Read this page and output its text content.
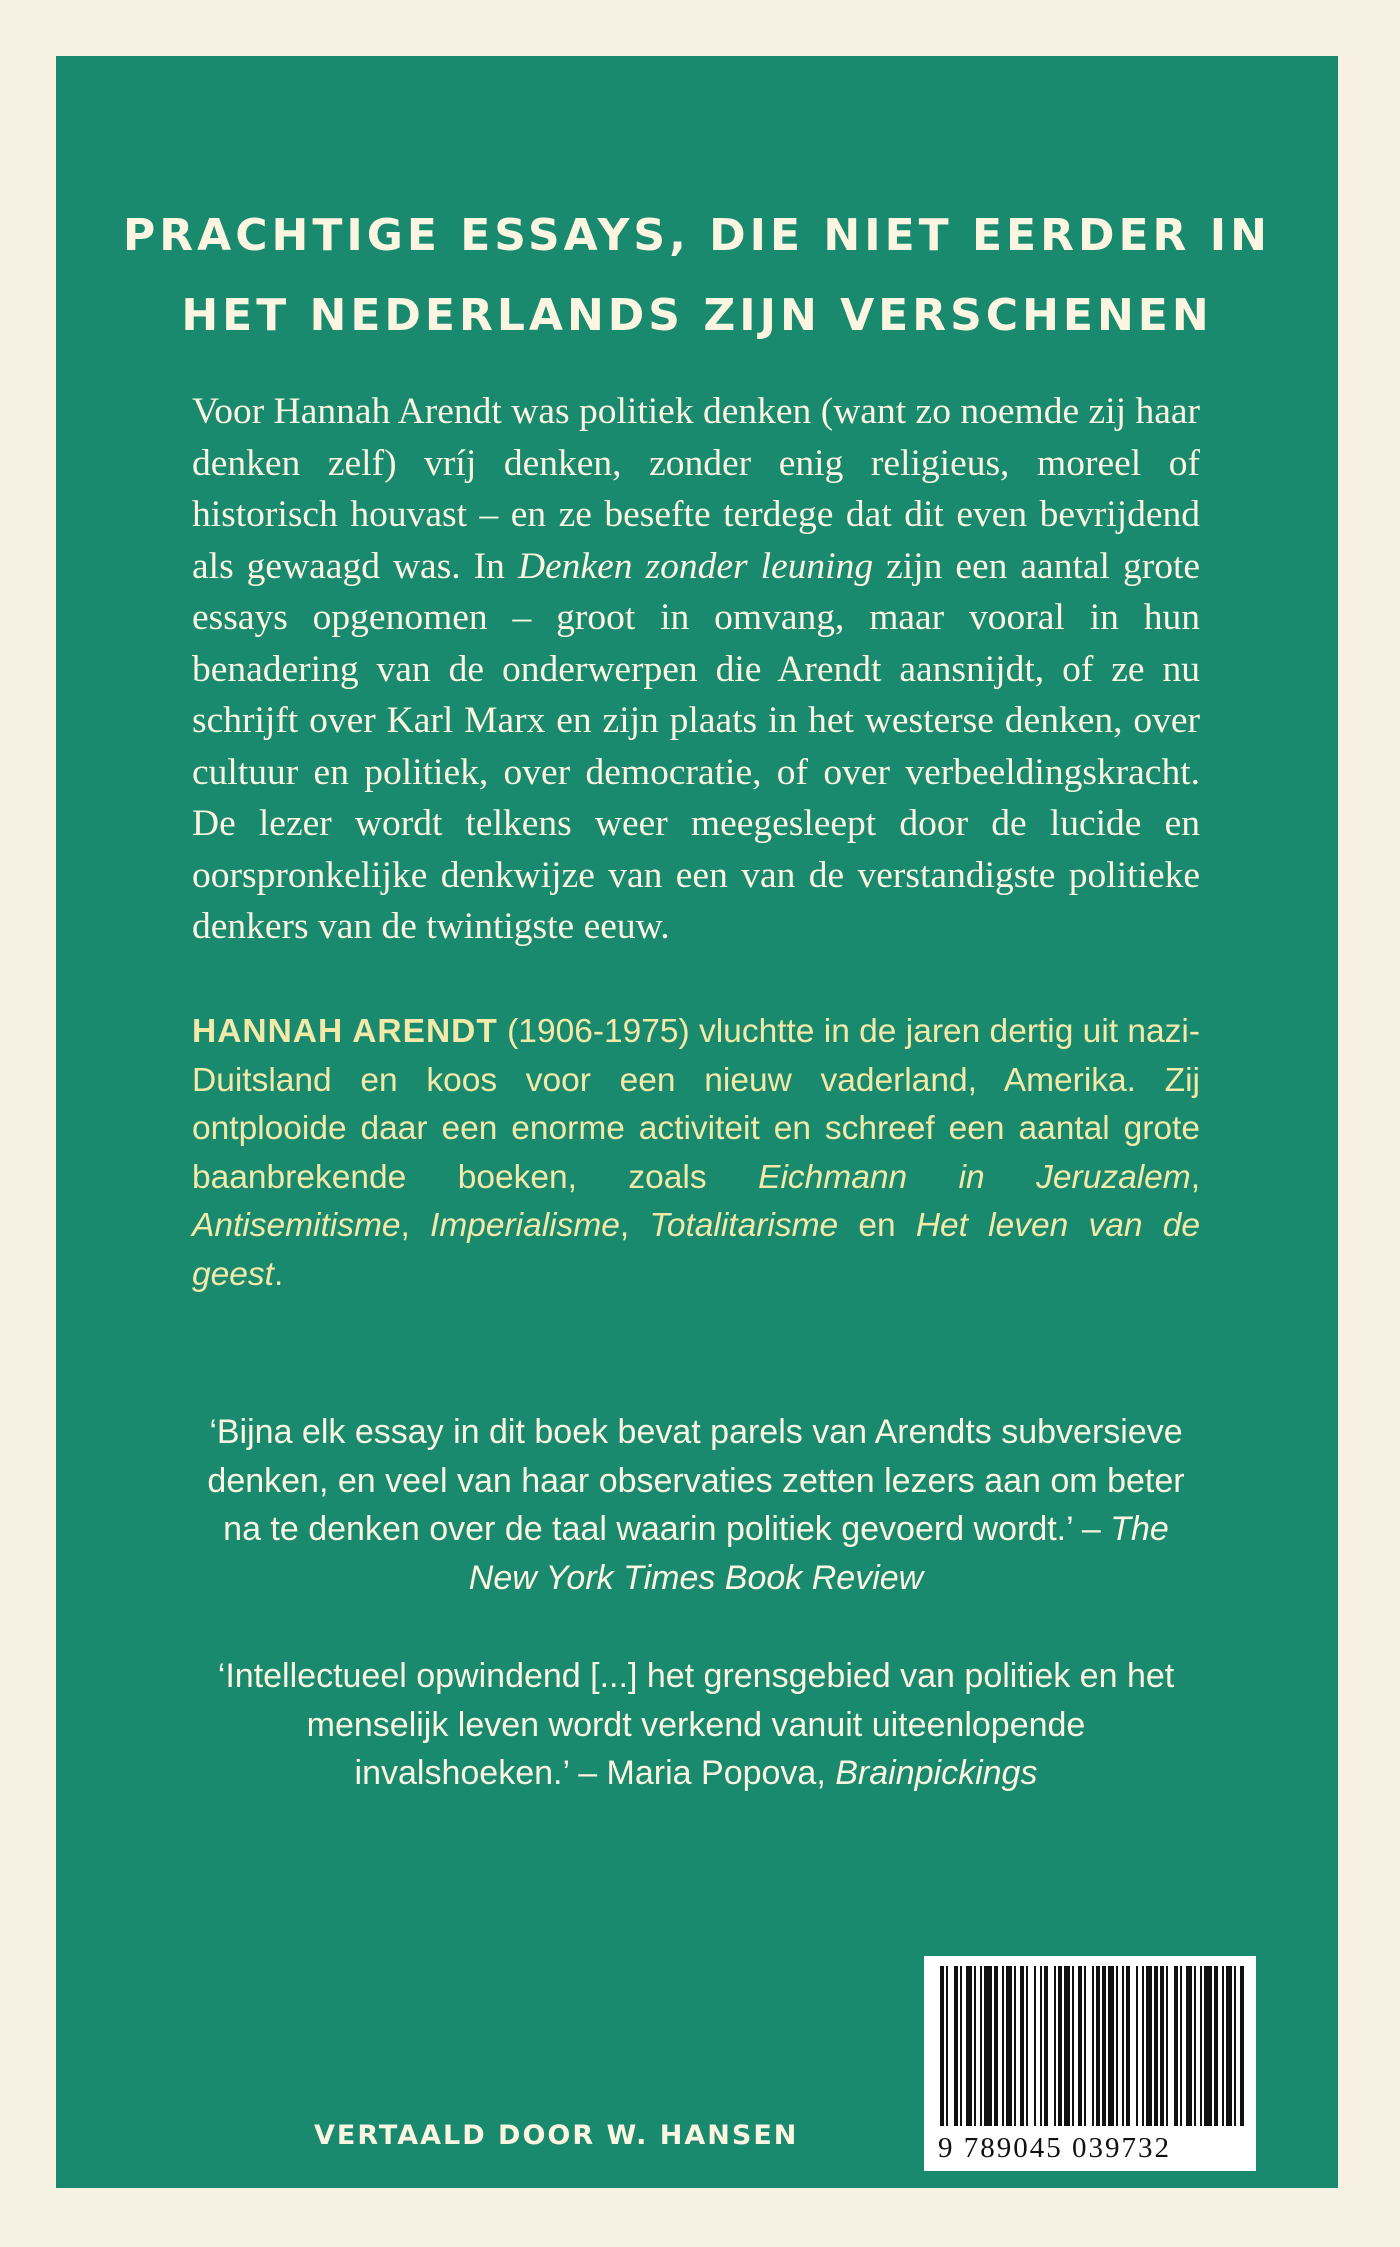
PRACHTIGE ESSAYS, DIE NIET EERDER IN
HET NEDERLANDS ZIJN VERSCHENEN

Voor Hannah Arendt was politiek denken (want zo noemde zij haar denken zelf) vríj denken, zonder enig religieus, moreel of historisch houvast – en ze besefte terdege dat dit even bevrijdend als gewaagd was. In Denken zonder leuning zijn een aantal grote essays opgenomen – groot in omvang, maar vooral in hun benadering van de onderwerpen die Arendt aansnijdt, of ze nu schrijft over Karl Marx en zijn plaats in het westerse denken, over cultuur en politiek, over democratie, of over verbeeldingskracht. De lezer wordt telkens weer meegesleept door de lucide en oorspronkelijke denkwijze van een van de verstandigste politieke denkers van de twintigste eeuw.

HANNAH ARENDT (1906-1975) vluchtte in de jaren dertig uit nazi-Duitsland en koos voor een nieuw vaderland, Amerika. Zij ontplooide daar een enorme activiteit en schreef een aantal grote baanbrekende boeken, zoals Eichmann in Jeruzalem, Antisemitisme, Imperialisme, Totalitarisme en Het leven van de geest.

‘Bijna elk essay in dit boek bevat parels van Arendts subversieve denken, en veel van haar observaties zetten lezers aan om beter na te denken over de taal waarin politiek gevoerd wordt.’ – The New York Times Book Review

‘Intellectueel opwindend [...] het grensgebied van politiek en het menselijk leven wordt verkend vanuit uiteenlopende invalshoeken.’ – Maria Popova, Brainpickings

VERTAALD DOOR W. HANSEN	9 789045 039732
